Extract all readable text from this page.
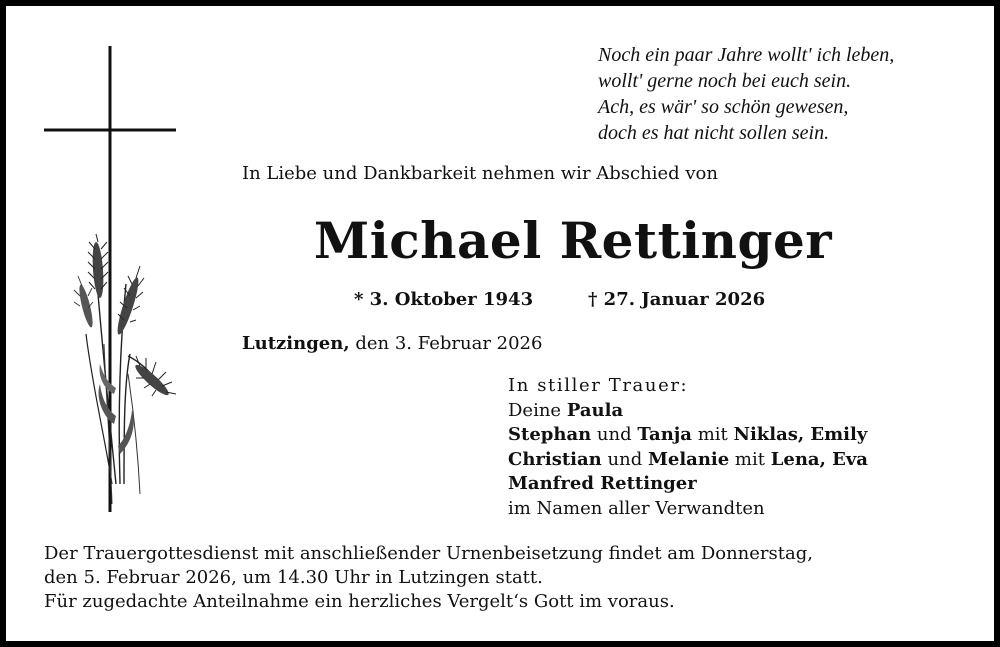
Noch ein paar Jahre wollt' ich leben,
wollt' gerne noch bei euch sein.
Ach, es wär' so schön gewesen,
doch es hat nicht sollen sein.
In Liebe und Dankbarkeit nehmen wir Abschied von
Michael Rettinger
* 3. Oktober 1943	† 27. Januar 2026
Lutzingen, den 3. Februar 2026
In stiller Trauer:
Deine Paula
Stephan und Tanja mit Niklas, Emily
Christian und Melanie mit Lena, Eva
Manfred Rettinger
im Namen aller Verwandten
Der Trauergottesdienst mit anschließender Urnenbeisetzung findet am Donnerstag,
den 5. Februar 2026, um 14.30 Uhr in Lutzingen statt.
Für zugedachte Anteilnahme ein herzliches Vergelt‘s Gott im voraus.
